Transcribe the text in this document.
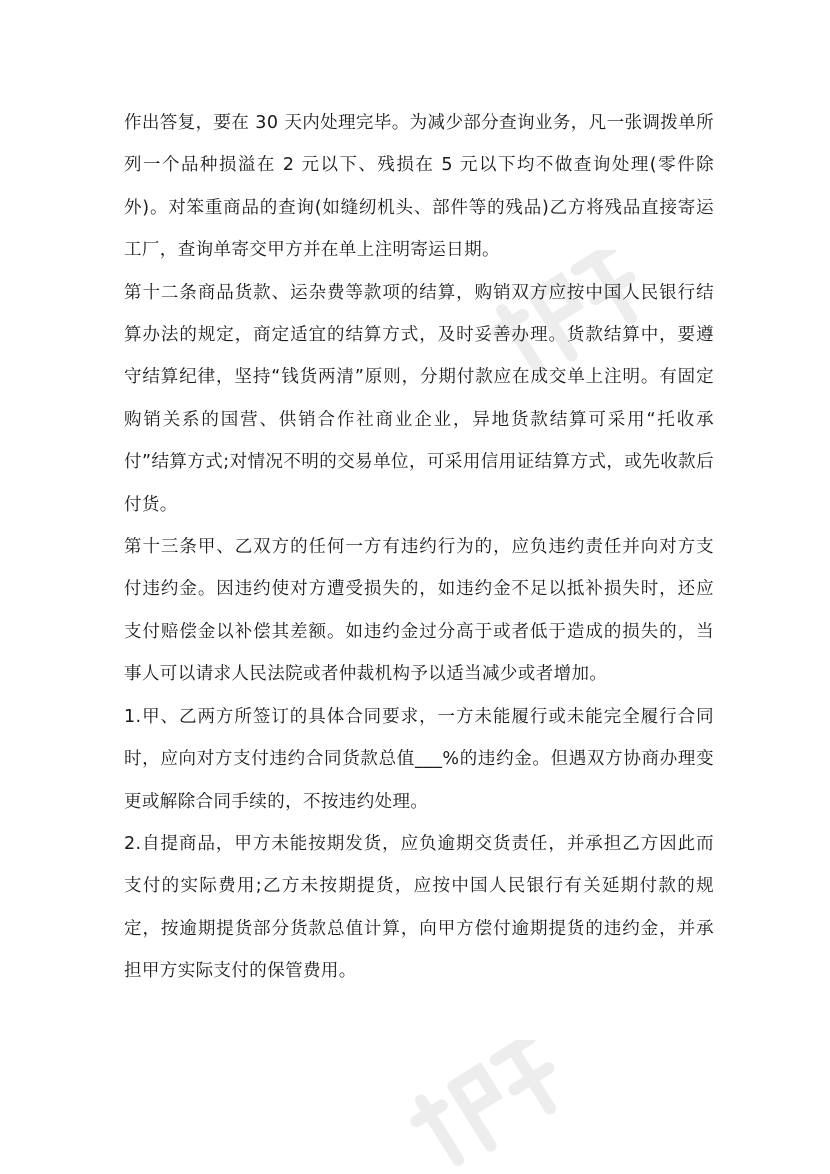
作出答复，要在 30 天内处理完毕。为减少部分查询业务，凡一张调拨单所列一个品种损溢在 2 元以下、残损在 5 元以下均不做查询处理(零件除外)。对笨重商品的查询(如缝纫机头、部件等的残品)乙方将残品直接寄运工厂，查询单寄交甲方并在单上注明寄运日期。

第十二条商品货款、运杂费等款项的结算，购销双方应按中国人民银行结算办法的规定，商定适宜的结算方式，及时妥善办理。货款结算中，要遵守结算纪律，坚持“钱货两清”原则，分期付款应在成交单上注明。有固定购销关系的国营、供销合作社商业企业，异地货款结算可采用“托收承付”结算方式;对情况不明的交易单位，可采用信用证结算方式，或先收款后付货。

第十三条甲、乙双方的任何一方有违约行为的，应负违约责任并向对方支付违约金。因违约使对方遭受损失的，如违约金不足以抵补损失时，还应支付赔偿金以补偿其差额。如违约金过分高于或者低于造成的损失的，当事人可以请求人民法院或者仲裁机构予以适当减少或者增加。

1.甲、乙两方所签订的具体合同要求，一方未能履行或未能完全履行合同时，应向对方支付违约合同货款总值___%的违约金。但遇双方协商办理变更或解除合同手续的，不按违约处理。

2.自提商品，甲方未能按期发货，应负逾期交货责任，并承担乙方因此而支付的实际费用;乙方未按期提货，应按中国人民银行有关延期付款的规定，按逾期提货部分货款总值计算，向甲方偿付逾期提货的违约金，并承担甲方实际支付的保管费用。
